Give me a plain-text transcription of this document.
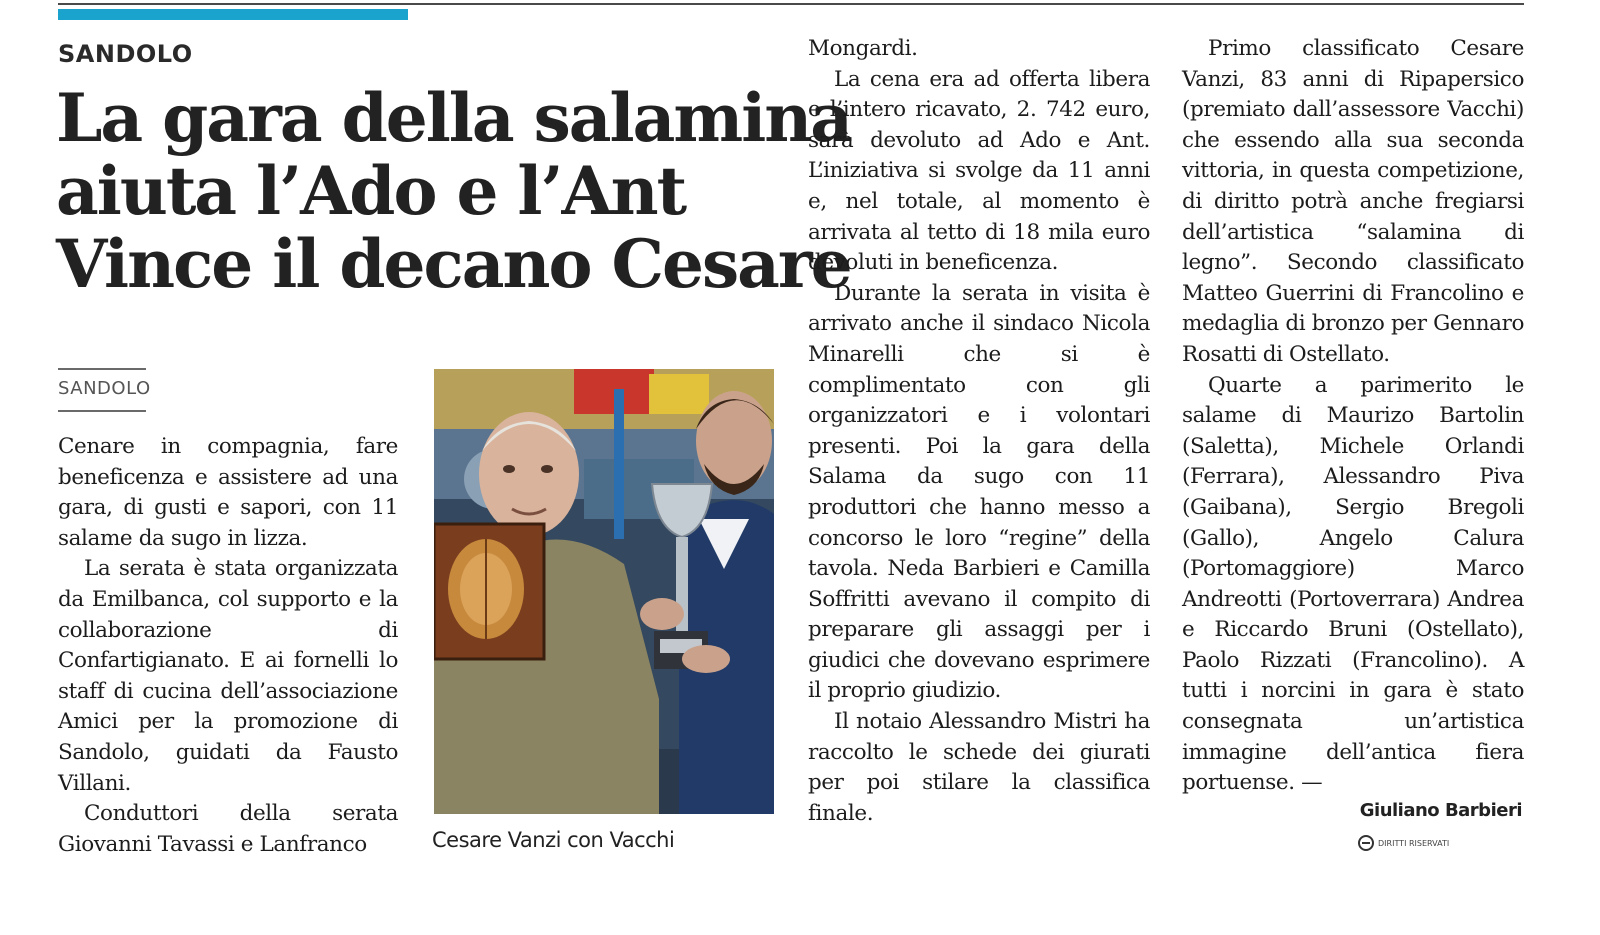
SANDOLO
La gara della salamina
aiuta l’Ado e l’Ant
Vince il decano Cesare
SANDOLO

Cenare in compagnia, fare beneficenza e assistere ad una gara, di gusti e sapori, con 11 salame da sugo in lizza.

La serata è stata organizzata da Emilbanca, col supporto e la collaborazione di Confartigianato. E ai fornelli lo staff di cucina dell’associazione Amici per la promozione di Sandolo, guidati da Fausto Villani.

Conduttori della serata Giovanni Tavassi e Lanfranco	Cesare Vanzi con Vacchi

Mongardi.

La cena era ad offerta libera e l’intero ricavato, 2. 742 euro, sarà devoluto ad Ado e Ant. L’iniziativa si svolge da 11 anni e, nel totale, al momento è arrivata al tetto di 18 mila euro devoluti in beneficenza.

Durante la serata in visita è arrivato anche il sindaco Nicola Minarelli che si è complimentato con gli organizzatori e i volontari presenti. Poi la gara della Salama da sugo con 11 produttori che hanno messo a concorso le loro “regine” della tavola. Neda Barbieri e Camilla Soffritti avevano il compito di preparare gli assaggi per i giudici che dovevano esprimere il proprio giudizio.

Il notaio Alessandro Mistri ha raccolto le schede dei giurati per poi stilare la classifica finale.

Primo classificato Cesare Vanzi, 83 anni di Ripapersico (premiato dall’assessore Vacchi) che essendo alla sua seconda vittoria, in questa competizione, di diritto potrà anche fregiarsi dell’artistica “salamina di legno”. Secondo classificato Matteo Guerrini di Francolino e medaglia di bronzo per Gennaro Rosatti di Ostellato.

Quarte a parimerito le salame di Maurizo Bartolin (Saletta), Michele Orlandi (Ferrara), Alessandro Piva (Gaibana), Sergio Bregoli (Gallo), Angelo Calura (Portomaggiore) Marco Andreotti (Portoverrara) Andrea e Riccardo Bruni (Ostellato), Paolo Rizzati (Francolino). A tutti i norcini in gara è stato consegnata un’artistica immagine dell’antica fiera portuense. —

Giuliano Barbieri
DIRITTI RISERVATI
